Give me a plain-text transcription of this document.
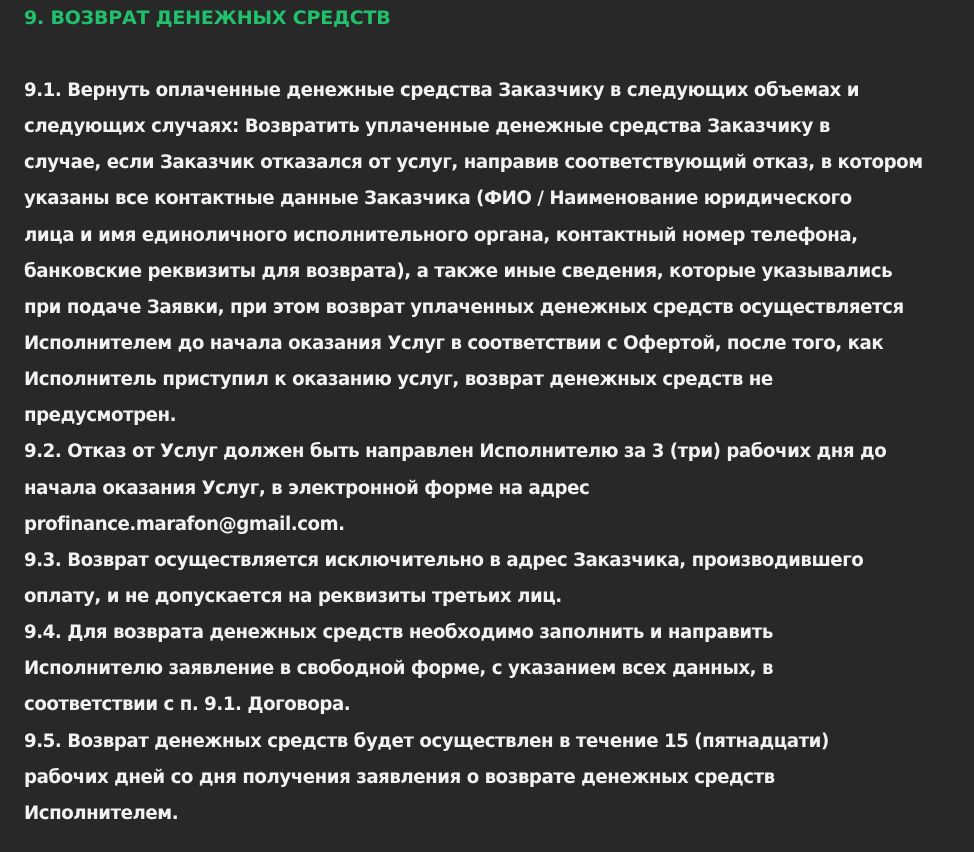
9. ВОЗВРАТ ДЕНЕЖНЫХ СРЕДСТВ
9.1. Вернуть оплаченные денежные средства Заказчику в следующих объемах и
следующих случаях: Возвратить уплаченные денежные средства Заказчику в
случае, если Заказчик отказался от услуг, направив соответствующий отказ, в котором
указаны все контактные данные Заказчика (ФИО / Наименование юридического
лица и имя единоличного исполнительного органа, контактный номер телефона,
банковские реквизиты для возврата), а также иные сведения, которые указывались
при подаче Заявки, при этом возврат уплаченных денежных средств осуществляется
Исполнителем до начала оказания Услуг в соответствии с Офертой, после того, как
Исполнитель приступил к оказанию услуг, возврат денежных средств не
предусмотрен.
9.2. Отказ от Услуг должен быть направлен Исполнителю за 3 (три) рабочих дня до
начала оказания Услуг, в электронной форме на адрес
profinance.marafon@gmail.com.
9.3. Возврат осуществляется исключительно в адрес Заказчика, производившего
оплату, и не допускается на реквизиты третьих лиц.
9.4. Для возврата денежных средств необходимо заполнить и направить
Исполнителю заявление в свободной форме, с указанием всех данных, в
соответствии с п. 9.1. Договора.
9.5. Возврат денежных средств будет осуществлен в течение 15 (пятнадцати)
рабочих дней со дня получения заявления о возврате денежных средств
Исполнителем.
